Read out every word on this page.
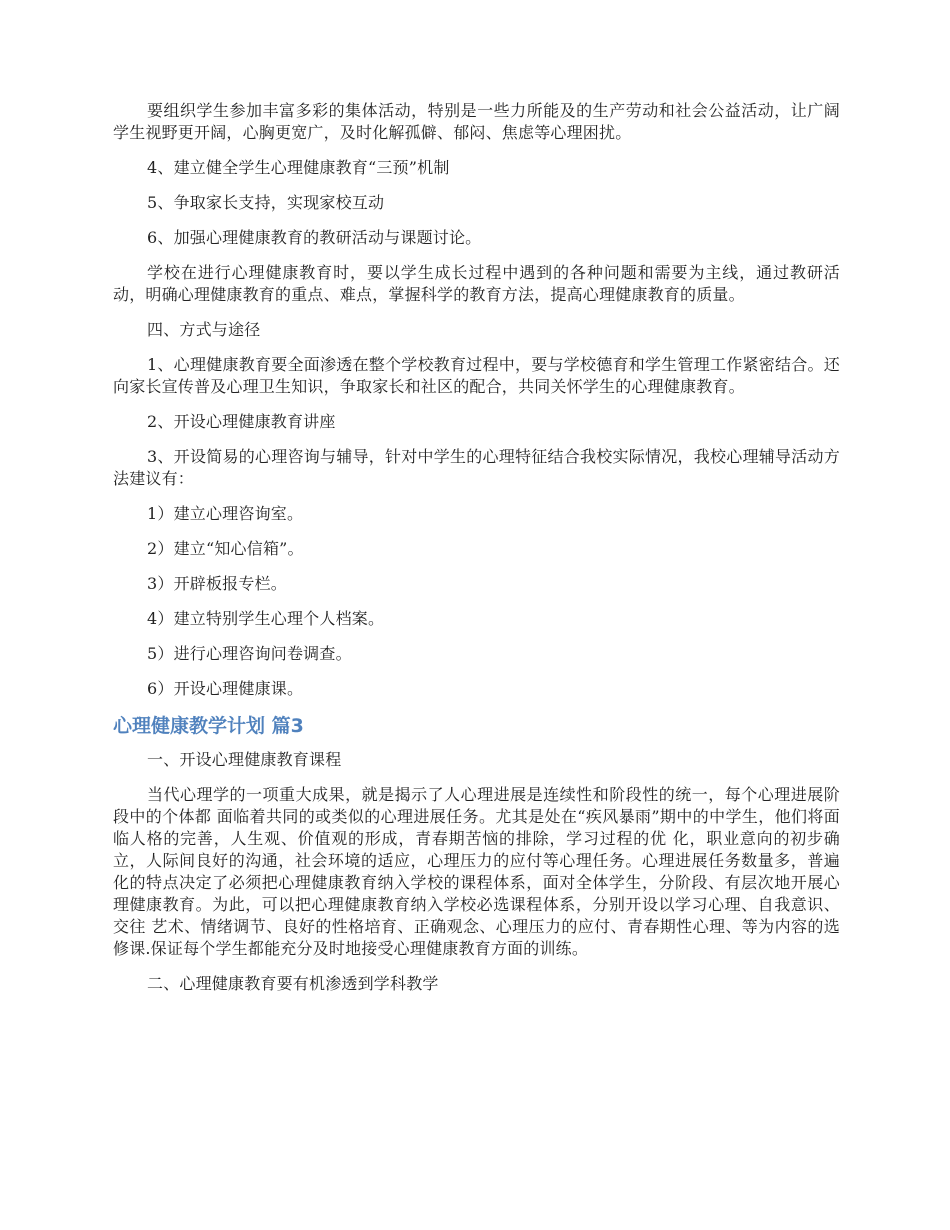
要组织学生参加丰富多彩的集体活动，特别是一些力所能及的生产劳动和社会公益活动，让广阔学生视野更开阔，心胸更宽广，及时化解孤僻、郁闷、焦虑等心理困扰。

4、建立健全学生心理健康教育“三预”机制

5、争取家长支持，实现家校互动

6、加强心理健康教育的教研活动与课题讨论。

学校在进行心理健康教育时，要以学生成长过程中遇到的各种问题和需要为主线，通过教研活动，明确心理健康教育的重点、难点，掌握科学的教育方法，提高心理健康教育的质量。

四、方式与途径

1、心理健康教育要全面渗透在整个学校教育过程中，要与学校德育和学生管理工作紧密结合。还向家长宣传普及心理卫生知识，争取家长和社区的配合，共同关怀学生的心理健康教育。

2、开设心理健康教育讲座

3、开设简易的心理咨询与辅导，针对中学生的心理特征结合我校实际情况，我校心理辅导活动方法建议有：

1）建立心理咨询室。

2）建立“知心信箱”。

3）开辟板报专栏。

4）建立特别学生心理个人档案。

5）进行心理咨询问卷调查。

6）开设心理健康课。

心理健康教学计划 篇3

一、开设心理健康教育课程

当代心理学的一项重大成果，就是揭示了人心理进展是连续性和阶段性的统一，每个心理进展阶段中的个体都 面临着共同的或类似的心理进展任务。尤其是处在“疾风暴雨”期中的中学生，他们将面临人格的完善，人生观、价值观的形成，青春期苦恼的排除，学习过程的优 化，职业意向的初步确立，人际间良好的沟通，社会环境的适应，心理压力的应付等心理任务。心理进展任务数量多，普遍化的特点决定了必须把心理健康教育纳入学校的课程体系，面对全体学生，分阶段、有层次地开展心理健康教育。为此，可以把心理健康教育纳入学校必选课程体系，分别开设以学习心理、自我意识、交往 艺术、情绪调节、良好的性格培育、正确观念、心理压力的应付、青春期性心理、等为内容的选修课.保证每个学生都能充分及时地接受心理健康教育方面的训练。

二、心理健康教育要有机渗透到学科教学
